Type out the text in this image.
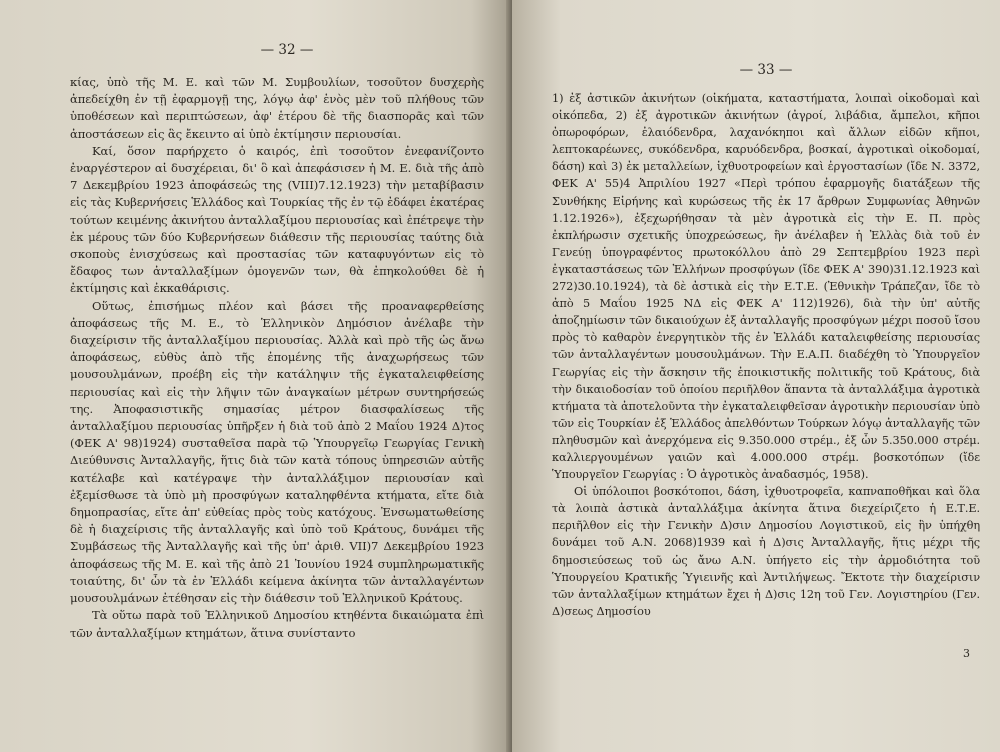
— 32 —

κίας, ὑπὸ τῆς Μ. Ε. καὶ τῶν Μ. Συμβουλίων, τοσοῦτον δυσχερὴς ἀπεδείχθη ἐν τῇ ἐφαρμογῇ της, λόγῳ ἀφ' ἑνὸς μὲν τοῦ πλήθους τῶν ὑποθέσεων καὶ περιπτώσεων, ἀφ' ἑτέρου δὲ τῆς διασπορᾶς καὶ τῶν ἀποστάσεων εἰς ἃς ἔκειντο αἱ ὑπὸ ἐκτίμησιν περιουσίαι.

Καί, ὅσον παρήρχετο ὁ καιρός, ἐπὶ τοσοῦτον ἐνεφανίζοντο ἐναργέστερον αἱ δυσχέρειαι, δι' ὃ καὶ ἀπεφάσισεν ἡ Μ. Ε. διὰ τῆς ἀπὸ 7 Δεκεμβρίου 1923 ἀποφάσεώς της (VIII)7.12.1923) τὴν μεταβίβασιν εἰς τὰς Κυβερνήσεις Ἑλλάδος καὶ Τουρκίας τῆς ἐν τῷ ἐδάφει ἑκατέρας τούτων κειμένης ἀκινήτου ἀνταλλαξίμου περιουσίας καὶ ἐπέτρεψε τὴν ἐκ μέρους τῶν δύο Κυβερνήσεων διάθεσιν τῆς περιουσίας ταύτης διὰ σκοποὺς ἐνισχύσεως καὶ προστασίας τῶν καταφυγόντων εἰς τὸ ἔδαφος των ἀνταλλαξίμων ὁμογενῶν των, θὰ ἐπηκολούθει δὲ ἡ ἐκτίμησις καὶ ἐκκαθάρισις.

Οὕτως, ἐπισήμως πλέον καὶ βάσει τῆς προαναφερθείσης ἀποφάσεως τῆς Μ. Ε., τὸ Ἑλληνικὸν Δημόσιον ἀνέλαβε τὴν διαχείρισιν τῆς ἀνταλλαξίμου περιουσίας. Ἀλλὰ καὶ πρὸ τῆς ὡς ἄνω ἀποφάσεως, εὐθὺς ἀπὸ τῆς ἐπομένης τῆς ἀναχωρήσεως τῶν μουσουλμάνων, προέβη εἰς τὴν κατάληψιν τῆς ἐγκαταλειφθείσης περιουσίας καὶ εἰς τὴν λῆψιν τῶν ἀναγκαίων μέτρων συντηρήσεώς της. Ἀποφασιστικῆς σημασίας μέτρον διασφαλίσεως τῆς ἀνταλλαξίμου περιουσίας ὑπῆρξεν ἡ διὰ τοῦ ἀπὸ 2 Μαΐου 1924 Δ)τος (ΦΕΚ Α' 98)1924) συσταθεῖσα παρὰ τῷ Ὑπουργεῖῳ Γεωργίας Γενικὴ Διεύθυνσις Ἀνταλλαγῆς, ἥτις διὰ τῶν κατὰ τόπους ὑπηρεσιῶν αὐτῆς κατέλαβε καὶ κατέγραψε τὴν ἀνταλλάξιμον περιουσίαν καὶ ἐξεμίσθωσε τὰ ὑπὸ μὴ προσφύγων καταληφθέντα κτήματα, εἴτε διὰ δημοπρασίας, εἴτε ἀπ' εὐθείας πρὸς τοὺς κατόχους. Ἐνσωματωθείσης δὲ ἡ διαχείρισις τῆς ἀνταλλαγῆς καὶ ὑπὸ τοῦ Κράτους, δυνάμει τῆς Συμβάσεως τῆς Ἀνταλλαγῆς καὶ τῆς ὑπ' ἀριθ. VII)7 Δεκεμβρίου 1923 ἀποφάσεως τῆς Μ. Ε. καὶ τῆς ἀπὸ 21 Ἰουνίου 1924 συμπληρωματικῆς τοιαύτης, δι' ὧν τὰ ἐν Ἑλλάδι κείμενα ἀκίνητα τῶν ἀνταλλαγέντων μουσουλμάνων ἐτέθησαν εἰς τὴν διάθεσιν τοῦ Ἑλληνικοῦ Κράτους.

Τὰ οὕτω παρὰ τοῦ Ἑλληνικοῦ Δημοσίου κτηθέντα δικαιώματα ἐπὶ τῶν ἀνταλλαξίμων κτημάτων, ἅτινα συνίσταντο

— 33 —

1) ἐξ ἀστικῶν ἀκινήτων (οἰκήματα, καταστήματα, λοιπαὶ οἰκοδομαὶ καὶ οἰκόπεδα, 2) ἐξ ἀγροτικῶν ἀκινήτων (ἀγροί, λιβάδια, ἄμπελοι, κῆποι ὀπωροφόρων, ἐλαιόδενδρα, λαχανόκηποι καὶ ἄλλων εἰδῶν κῆποι, λεπτοκαρέωνες, συκόδενδρα, καρυόδενδρα, βοσκαί, ἀγροτικαὶ οἰκοδομαί, δάση) καὶ 3) ἐκ μεταλλείων, ἰχθυοτροφείων καὶ ἐργοστασίων (ἴδε Ν. 3372, ΦΕΚ Α' 55)4 Ἀπριλίου 1927 «Περὶ τρόπου ἐφαρμογῆς διατάξεων τῆς Συνθήκης Εἰρήνης καὶ κυρώσεως τῆς ἐκ 17 ἄρθρων Συμφωνίας Ἀθηνῶν 1.12.1926»), ἐξεχωρήθησαν τὰ μὲν ἀγροτικὰ εἰς τὴν Ε. Π. πρὸς ἐκπλήρωσιν σχετικῆς ὑποχρεώσεως, ἣν ἀνέλαβεν ἡ Ἑλλὰς διὰ τοῦ ἐν Γενεύῃ ὑπογραφέντος πρωτοκόλλου ἀπὸ 29 Σεπτεμβρίου 1923 περὶ ἐγκαταστάσεως τῶν Ἑλλήνων προσφύγων (ἴδε ΦΕΚ Α' 390)31.12.1923 καὶ 272)30.10.1924), τὰ δὲ ἀστικὰ εἰς τὴν Ε.Τ.Ε. (Ἐθνικὴν Τράπεζαν, ἴδε τὸ ἀπὸ 5 Μαΐου 1925 ΝΔ εἰς ΦΕΚ Α' 112)1926), διὰ τὴν ὑπ' αὐτῆς ἀποζημίωσιν τῶν δικαιούχων ἐξ ἀνταλλαγῆς προσφύγων μέχρι ποσοῦ ἴσου πρὸς τὸ καθαρὸν ἐνεργητικὸν τῆς ἐν Ἑλλάδι καταλειφθείσης περιουσίας τῶν ἀνταλλαγέντων μουσουλμάνων. Τὴν Ε.Α.Π. διαδέχθη τὸ Ὑπουργεῖον Γεωργίας εἰς τὴν ἄσκησιν τῆς ἐποικιστικῆς πολιτικῆς τοῦ Κράτους, διὰ τὴν δικαιοδοσίαν τοῦ ὁποίου περιῆλθον ἅπαντα τὰ ἀνταλλάξιμα ἀγροτικὰ κτήματα τὰ ἀποτελοῦντα τὴν ἐγκαταλειφθεῖσαν ἀγροτικὴν περιουσίαν ὑπὸ τῶν εἰς Τουρκίαν ἐξ Ἑλλάδος ἀπελθόντων Τούρκων λόγῳ ἀνταλλαγῆς τῶν πληθυσμῶν καὶ ἀνερχόμενα εἰς 9.350.000 στρέμ., ἐξ ὧν 5.350.000 στρέμ. καλλιεργουμένων γαιῶν καὶ 4.000.000 στρέμ. βοσκοτόπων (ἴδε Ὑπουργεῖον Γεωργίας : Ὁ ἀγροτικὸς ἀναδασμός, 1958).

Οἱ ὑπόλοιποι βοσκότοποι, δάση, ἰχθυοτροφεῖα, καπναποθῆκαι καὶ ὅλα τὰ λοιπὰ ἀστικὰ ἀνταλλάξιμα ἀκίνητα ἅτινα διεχείριζετο ἡ Ε.Τ.Ε. περιῆλθον εἰς τὴν Γενικὴν Δ)σιν Δημοσίου Λογιστικοῦ, εἰς ἣν ὑπήχθη δυνάμει τοῦ Α.Ν. 2068)1939 καὶ ἡ Δ)σις Ἀνταλλαγῆς, ἥτις μέχρι τῆς δημοσιεύσεως τοῦ ὡς ἄνω Α.Ν. ὑπήγετο εἰς τὴν ἁρμοδιότητα τοῦ Ὑπουργείου Κρατικῆς Ὑγιεινῆς καὶ Ἀντιλήψεως. Ἔκτοτε τὴν διαχείρισιν τῶν ἀνταλλαξίμων κτημάτων ἔχει ἡ Δ)σις 12η τοῦ Γεν. Λογιστηρίου (Γεν. Δ)σεως Δημοσίου

3
